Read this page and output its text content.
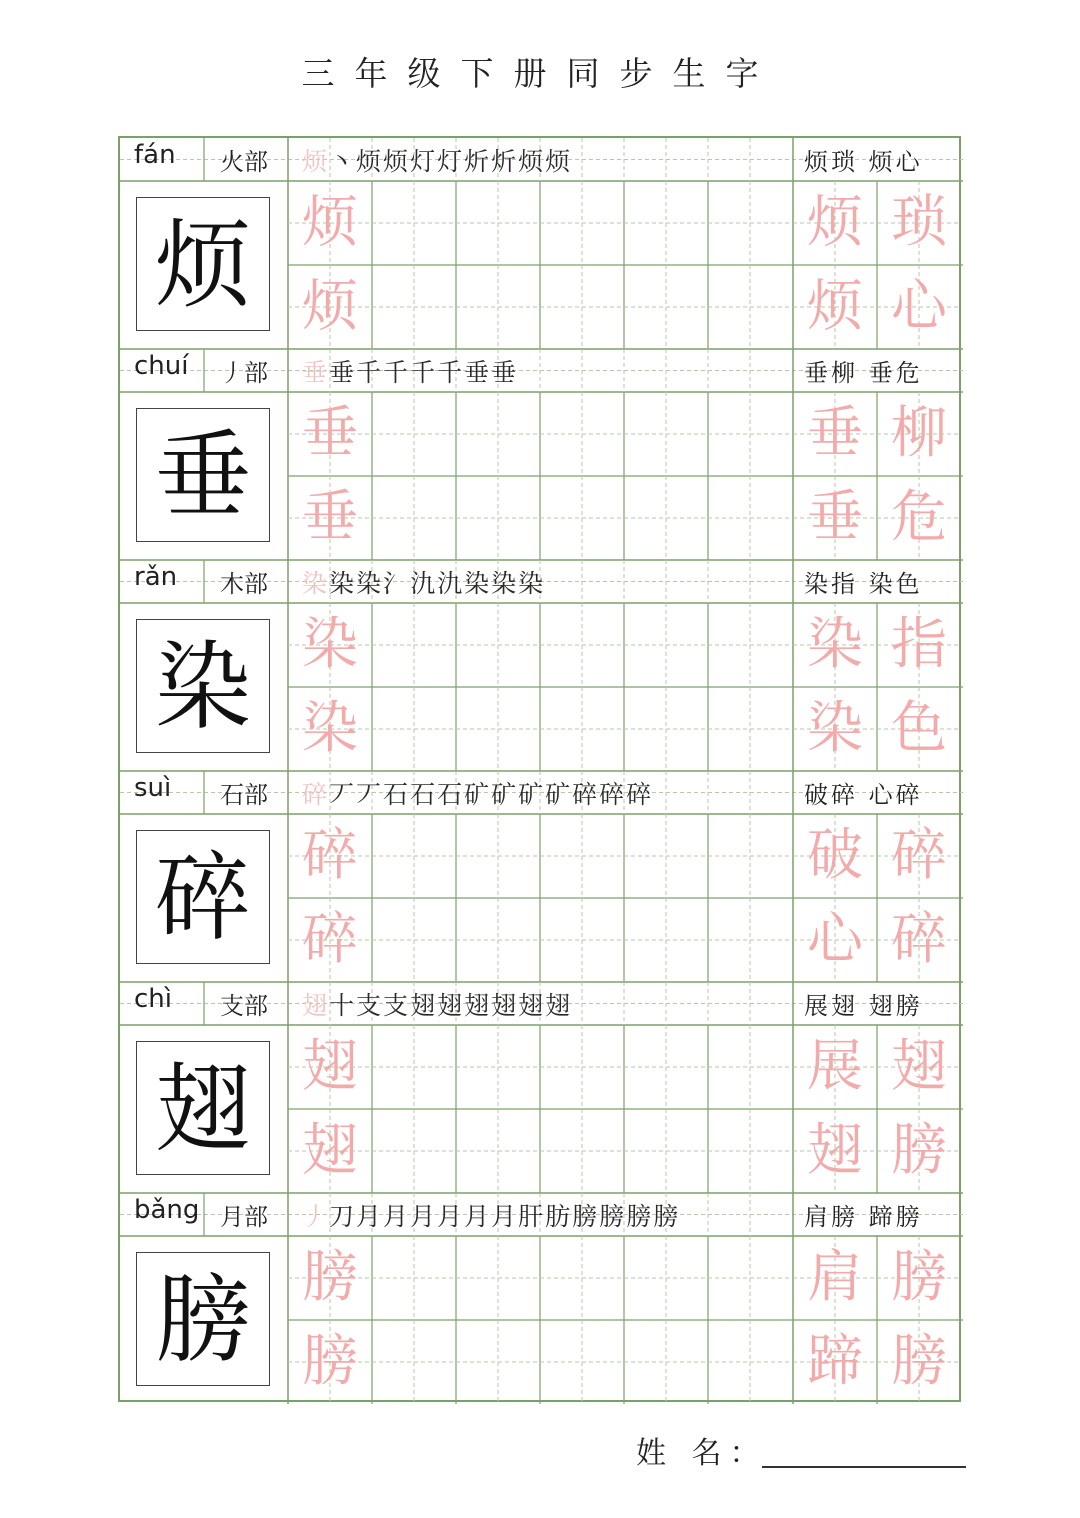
三年级下册同步生字
fán 火部 烦 丶 烦 烦 灯 灯 炘 炘 烦 烦	烦琐 烦心
烦 烦
烦
烦 琐
烦 心
chuí 丿部 垂 垂 千 千 千 千 垂 垂	垂柳 垂危
垂 垂
垂
垂 柳
垂 危
rǎn 木部 染 染 染 氵 氿 氿 染 染 染	染指 染色
染 染
染
染 指
染 色
suì 石部 碎 丆 丆 石 石 石 矿 矿 矿 矿 碎 碎 碎	破碎 心碎
碎 碎
碎
破 碎
心 碎
chì 支部 翅 十 支 支 翅 翅 翅 翅 翅 翅	展翅 翅膀
翅 翅
翅
展 翅
翅 膀
bǎng 月部 丿 刀 月 月 月 月 月 月 肝 肪 膀 膀 膀 膀	肩膀 蹄膀
膀 膀
膀
肩 膀
蹄 膀
姓 名：
